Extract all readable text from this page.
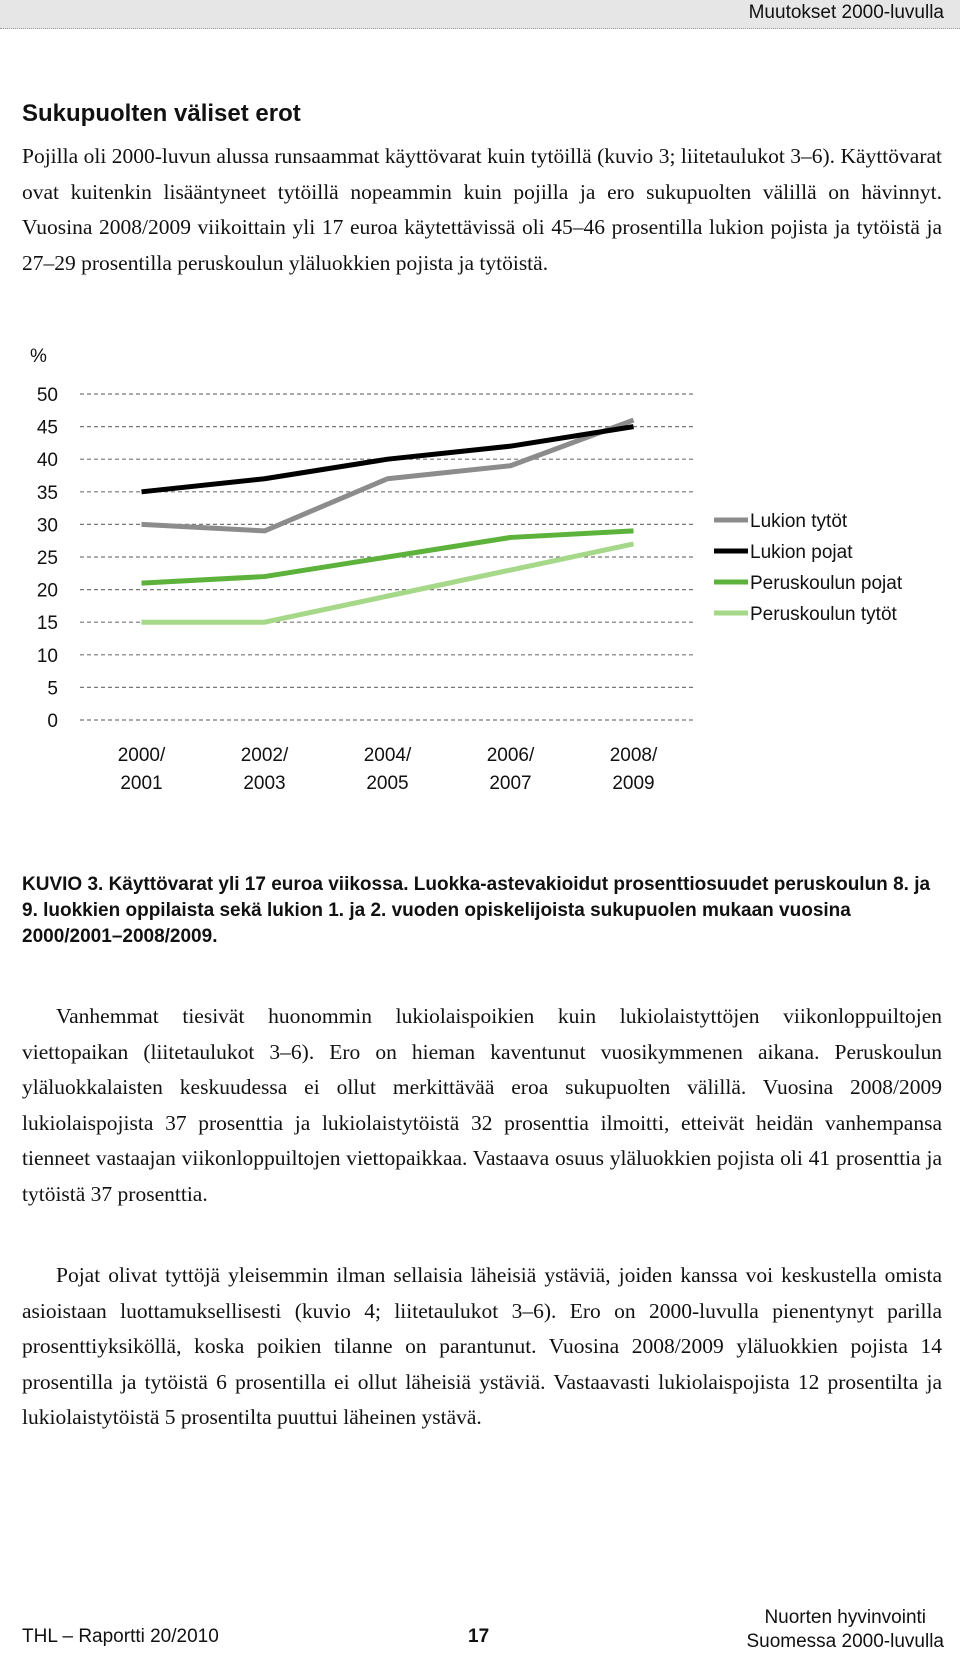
Muutokset 2000-luvulla
Sukupuolten väliset erot

Pojilla oli 2000-luvun alussa runsaammat käyttövarat kuin tytöillä (kuvio 3; liitetaulukot 3–6). Käyttövarat ovat kuitenkin lisääntyneet tytöillä nopeammin kuin pojilla ja ero sukupuolten välillä on hävinnyt. Vuosina 2008/2009 viikoittain yli 17 euroa käytettävissä oli 45–46 prosentilla lukion pojista ja tytöistä ja 27–29 prosentilla peruskoulun yläluokkien pojista ja tytöistä.

%
0
5
10
15
20
25
30
35
40
45
50
2000/
2001
2002/
2003
2004/
2005
2006/
2007
2008/
2009
Lukion tytöt
Lukion pojat
Peruskoulun pojat
Peruskoulun tytöt

KUVIO 3. Käyttövarat yli 17 euroa viikossa. Luokka-astevakioidut prosenttiosuudet peruskoulun 8. ja 9. luokkien oppilaista sekä lukion 1. ja 2. vuoden opiskelijoista sukupuolen mukaan vuosina 2000/2001–2008/2009.

Vanhemmat tiesivät huonommin lukiolaispoikien kuin lukiolaistyttöjen viikonloppuiltojen viettopaikan (liitetaulukot 3–6). Ero on hieman kaventunut vuosikymmenen aikana. Peruskoulun yläluokkalaisten keskuudessa ei ollut merkittävää eroa sukupuolten välillä. Vuosina 2008/2009 lukiolaispojista 37 prosenttia ja lukiolaistytöistä 32 prosenttia ilmoitti, etteivät heidän vanhempansa tienneet vastaajan viikonloppuiltojen viettopaikkaa. Vastaava osuus yläluokkien pojista oli 41 prosenttia ja tytöistä 37 prosenttia.

Pojat olivat tyttöjä yleisemmin ilman sellaisia läheisiä ystäviä, joiden kanssa voi keskustella omista asioistaan luottamuksellisesti (kuvio 4; liitetaulukot 3–6). Ero on 2000-luvulla pienentynyt parilla prosenttiyksiköllä, koska poikien tilanne on parantunut. Vuosina 2008/2009 yläluokkien pojista 14 prosentilla ja tytöistä 6 prosentilla ei ollut läheisiä ystäviä. Vastaavasti lukiolaispojista 12 prosentilta ja lukiolaistytöistä 5 prosentilta puuttui läheinen ystävä.

THL – Raportti 20/2010	17
Nuorten hyvinvointi
Suomessa 2000-luvulla
